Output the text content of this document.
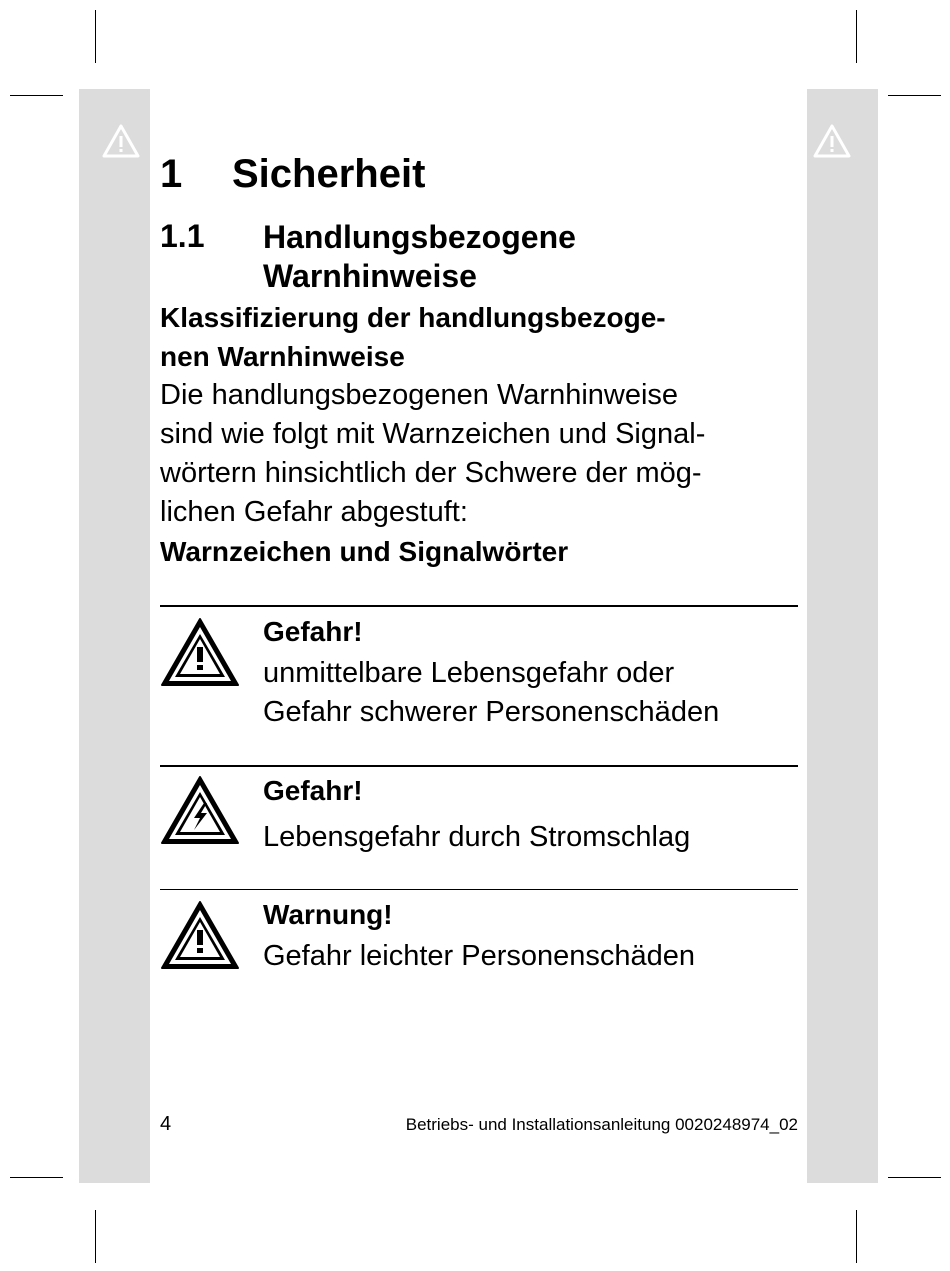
1 Sicherheit
1.1 Handlungsbezogene
Warnhinweise
Klassifizierung der handlungsbezoge-
nen Warnhinweise
Die handlungsbezogenen Warnhinweise
sind wie folgt mit Warnzeichen und Signal-
wörtern hinsichtlich der Schwere der mög-
lichen Gefahr abgestuft:
Warnzeichen und Signalwörter
Gefahr!
unmittelbare Lebensgefahr oder
Gefahr schwerer Personenschäden
Gefahr!
Lebensgefahr durch Stromschlag
Warnung!
Gefahr leichter Personenschäden
4	Betriebs- und Installationsanleitung 0020248974_02
